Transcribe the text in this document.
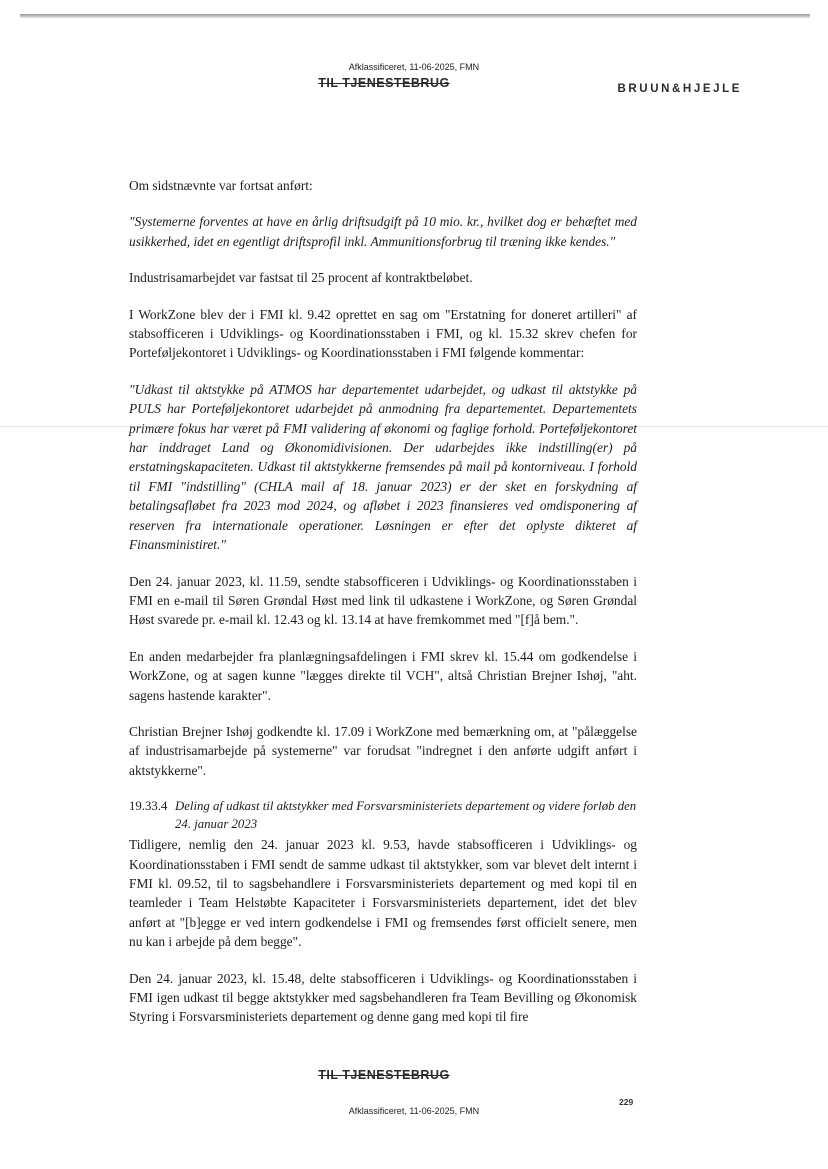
Afklassificeret, 11-06-2025, FMN
TIL TJENESTEBRUG	BRUUN&HJEJLE

Om sidstnævnte var fortsat anført:

"Systemerne forventes at have en årlig driftsudgift på 10 mio. kr., hvilket dog er behæftet med usikkerhed, idet en egentligt driftsprofil inkl. Ammunitionsforbrug til træning ikke kendes."

Industrisamarbejdet var fastsat til 25 procent af kontraktbeløbet.

I WorkZone blev der i FMI kl. 9.42 oprettet en sag om "Erstatning for doneret artilleri" af stabsofficeren i Udviklings- og Koordinationsstaben i FMI, og kl. 15.32 skrev chefen for Porteføljekontoret i Udviklings- og Koordinationsstaben i FMI følgende kommentar:

"Udkast til aktstykke på ATMOS har departementet udarbejdet, og udkast til aktstykke på PULS har Porteføljekontoret udarbejdet på anmodning fra departementet. Departementets primære fokus har været på FMI validering af økonomi og faglige forhold. Porteføljekontoret har inddraget Land og Økonomidivisionen. Der udarbejdes ikke indstilling(er) på erstatningskapaciteten. Udkast til aktstykkerne fremsendes på mail på kontorniveau. I forhold til FMI "indstilling" (CHLA mail af 18. januar 2023) er der sket en forskydning af betalingsafløbet fra 2023 mod 2024, og afløbet i 2023 finansieres ved omdisponering af reserven fra internationale operationer. Løsningen er efter det oplyste dikteret af Finansministiret."

Den 24. januar 2023, kl. 11.59, sendte stabsofficeren i Udviklings- og Koordinationsstaben i FMI en e-mail til Søren Grøndal Høst med link til udkastene i WorkZone, og Søren Grøndal Høst svarede pr. e-mail kl. 12.43 og kl. 13.14 at have fremkommet med "[f]å bem.".

En anden medarbejder fra planlægningsafdelingen i FMI skrev kl. 15.44 om godkendelse i WorkZone, og at sagen kunne "lægges direkte til VCH", altså Christian Brejner Ishøj, "aht. sagens hastende karakter".

Christian Brejner Ishøj godkendte kl. 17.09 i WorkZone med bemærkning om, at "pålæggelse af industrisamarbejde på systemerne" var forudsat "indregnet i den anførte udgift anført i aktstykkerne".

19.33.4 Deling af udkast til aktstykker med Forsvarsministeriets departement og videre forløb den 24. januar 2023

Tidligere, nemlig den 24. januar 2023 kl. 9.53, havde stabsofficeren i Udviklings- og Koordinationsstaben i FMI sendt de samme udkast til aktstykker, som var blevet delt internt i FMI kl. 09.52, til to sagsbehandlere i Forsvarsministeriets departement og med kopi til en teamleder i Team Helstøbte Kapaciteter i Forsvarsministeriets departement, idet det blev anført at "[b]egge er ved intern godkendelse i FMI og fremsendes først officielt senere, men nu kan i arbejde på dem begge".

Den 24. januar 2023, kl. 15.48, delte stabsofficeren i Udviklings- og Koordinationsstaben i FMI igen udkast til begge aktstykker med sagsbehandleren fra Team Bevilling og Økonomisk Styring i Forsvarsministeriets departement og denne gang med kopi til fire

TIL TJENESTEBRUG
229
Afklassificeret, 11-06-2025, FMN
